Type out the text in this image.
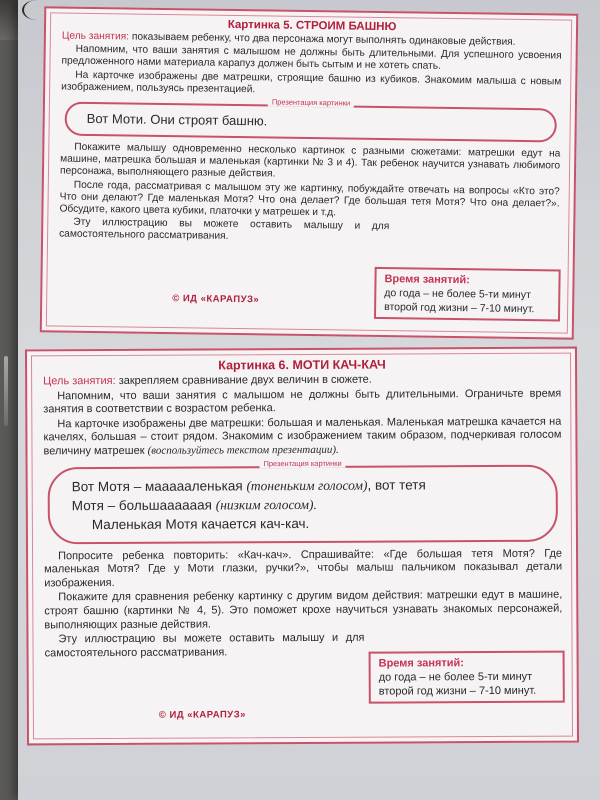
Картинка 5. СТРОИМ БАШНЮ
Цель занятия: показываем ребенку, что два персонажа могут выполнять одинаковые действия.
Напомним, что ваши занятия с малышом не должны быть длительными. Для успешного усвоения предложенного нами материала карапуз должен быть сытым и не хотеть спать.
На карточке изображены две матрешки, строящие башню из кубиков. Знакомим малыша с новым изображением, пользуясь презентацией.
Презентация картинки
Вот Моти. Они строят башню.
Покажите малышу одновременно несколько картинок с разными сюжетами: матрешки едут на машине, матрешка большая и маленькая (картинки № 3 и 4). Так ребенок научится узнавать любимого персонажа, выполняющего разные действия.
После года, рассматривая с малышом эту же картинку, побуждайте отвечать на вопросы «Кто это? Что они делают? Где маленькая Мотя? Что она делает? Где большая тетя Мотя? Что она делает?». Обсудите, какого цвета кубики, платочки у матрешек и т.д.
Эту иллюстрацию вы можете оставить малышу и для самостоятельного рассматривания.
© ИД «КАРАПУЗ»
Время занятий:
до года – не более 5-ти минут
второй год жизни – 7-10 минут.
Картинка 6. МОТИ КАЧ-КАЧ
Цель занятия: закрепляем сравнивание двух величин в сюжете.
Напомним, что ваши занятия с малышом не должны быть длительными. Ограничьте время занятия в соответствии с возрастом ребенка.
На карточке изображены две матрешки: большая и маленькая. Маленькая матрешка качается на качелях, большая – стоит рядом. Знакомим с изображением таким образом, подчеркивая голосом величину матрешек (воспользуйтесь текстом презентации).
Презентация картинки
Вот Мотя – маааааленькая (тоненьким голосом), вот тетя
Мотя – большаааааая (низким голосом).
Маленькая Мотя качается кач-кач.
Попросите ребенка повторить: «Кач-кач». Спрашивайте: «Где большая тетя Мотя? Где маленькая Мотя? Где у Моти глазки, ручки?», чтобы малыш пальчиком показывал детали изображения.
Покажите для сравнения ребенку картинку с другим видом действия: матрешки едут в машине, строят башню (картинки № 4, 5). Это поможет крохе научиться узнавать знакомых персонажей, выполняющих разные действия.
Эту иллюстрацию вы можете оставить малышу и для самостоятельного рассматривания.
© ИД «КАРАПУЗ»
Время занятий:
до года – не более 5-ти минут
второй год жизни – 7-10 минут.
